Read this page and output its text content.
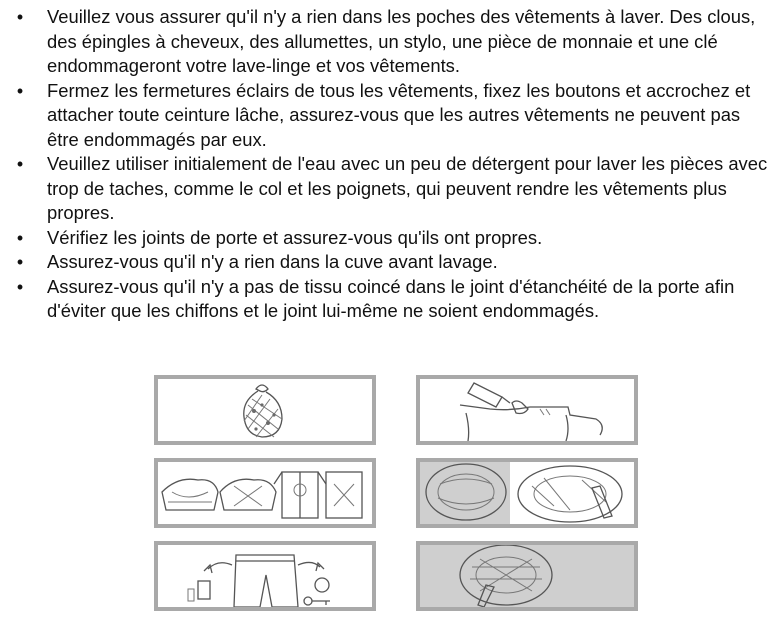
•	Veuillez vous assurer qu'il n'y a rien dans les poches des vêtements à laver. Des clous, des épingles à cheveux, des allumettes, un stylo, une pièce de monnaie et une clé endommageront votre lave-linge et vos vêtements.
•	Fermez les fermetures éclairs de tous les vêtements, fixez les boutons et accrochez et attacher toute ceinture lâche, assurez-vous que les autres vêtements ne peuvent pas être endommagés par eux.
•	Veuillez utiliser initialement de l'eau avec un peu de détergent pour laver les pièces avec trop de taches, comme le col et les poignets, qui peuvent rendre les vêtements plus propres.
•	Vérifiez les joints de porte et assurez-vous qu'ils ont propres.
•	Assurez-vous qu'il n'y a rien dans la cuve avant lavage.
•	Assurez-vous qu'il n'y a pas de tissu coincé dans le joint d'étanchéité de la porte afin d'éviter que les chiffons et le joint lui-même ne soient endommagés.
